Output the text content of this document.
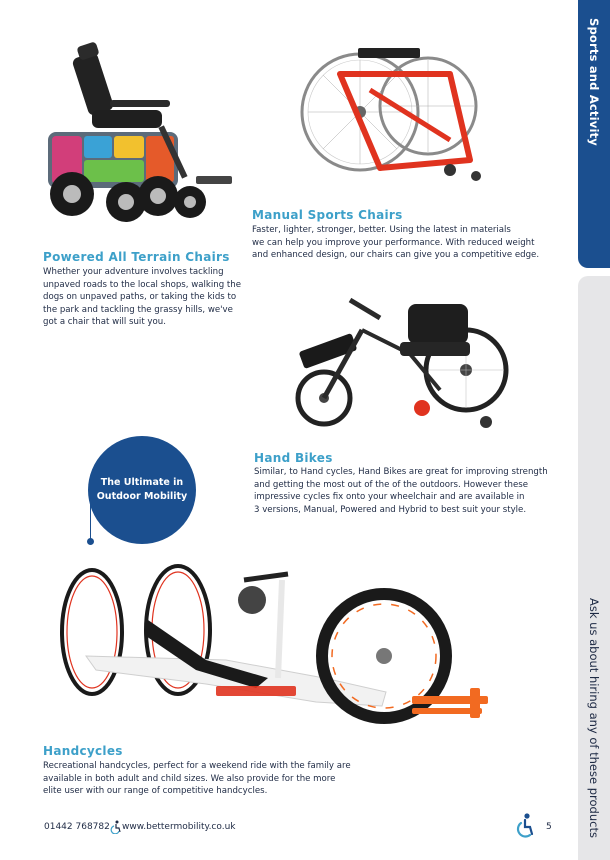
Sports and Activity
Ask us about hiring any of these products
Manual Sports Chairs
Faster, lighter, stronger, better. Using the latest in materials
we can help you improve your performance. With reduced weight
and enhanced design, our chairs can give you a competitive edge.
Powered All Terrain Chairs
Whether your adventure involves tackling
unpaved roads to the local shops, walking the
dogs on unpaved paths, or taking the kids to
the park and tackling the grassy hills, we've
got a chair that will suit you.
Hand Bikes
Similar, to Hand cycles, Hand Bikes are great for improving strength
and getting the most out of the of the outdoors. However these
impressive cycles fix onto your wheelchair and are available in
3 versions, Manual, Powered and Hybrid to best suit your style.
The Ultimate in Outdoor Mobility
Handcycles
Recreational handcycles, perfect for a weekend ride with the family are
available in both adult and child sizes. We also provide for the more
elite user with our range of competitive handcycles.
01442 768782 www.bettermobility.co.uk	5
